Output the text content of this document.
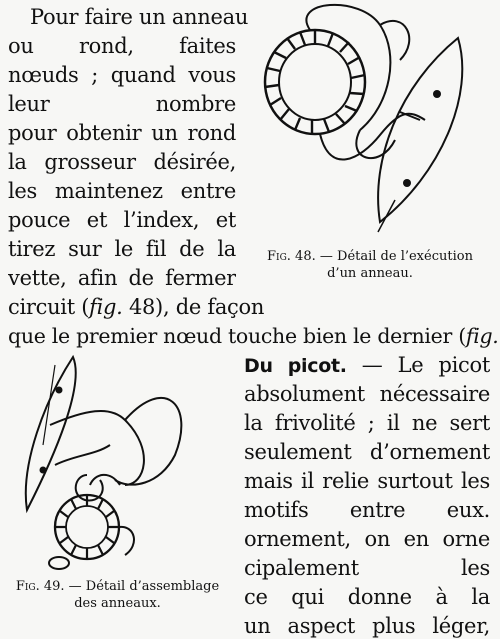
Pour faire un anneau
ou rond, faites
nœuds ; quand vous
leur nombre
pour obtenir un rond
la grosseur désirée,
les maintenez entre
pouce et l’index, et
tirez sur le fil de la
vette, afin de fermer
circuit (fig. 48), de façon
que le premier nœud touche bien le dernier (fig.
Fig. 48. — Détail de l’exécution
d’un anneau.
Fig. 49. — Détail d’assemblage
des anneaux.
Du picot. — Le picot
absolument nécessaire
la frivolité ; il ne sert
seulement d’ornement
mais il relie surtout les
motifs entre eux.
ornement, on en orne
cipalement les
ce qui donne à la
un aspect plus léger,
